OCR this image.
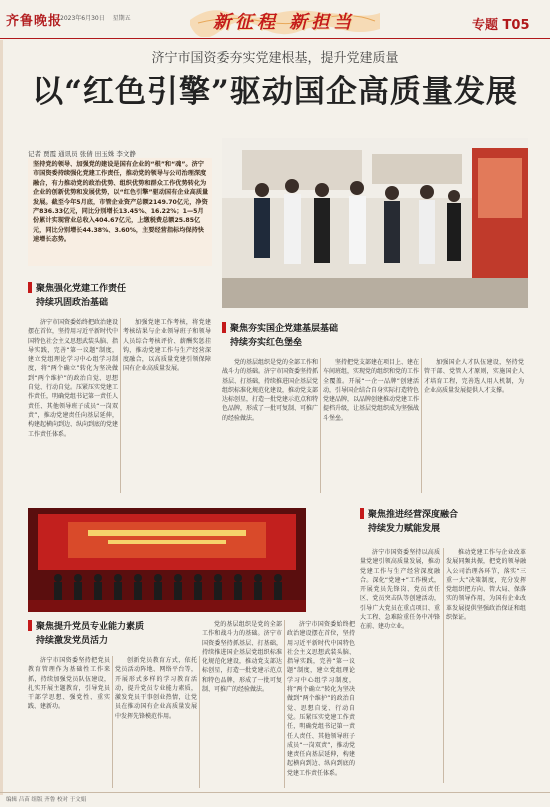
齐鲁晚报
2023年6月30日 星期五	新征程 新担当	专题 T05
济宁市国资委夯实党建根基，提升党建质量
以“红色引擎”驱动国企高质量发展
记者 贾霞 通讯员 张倩 田玉姝 李文静
坚持党的领导、加强党的建设是国有企业的“根”和“魂”。济宁市国资委持续强化党建工作责任，推动党的领导与公司治理深度融合，有力推动党的政治优势、组织优势和群众工作优势转化为企业的创新优势和发展优势，以“红色引擎”驱动国有企业高质量发展。截至今年5月底，市管企业资产总额2149.70亿元，净资产836.33亿元，同比分别增长13.45%、16.22%；1—5月份累计实现营业总收入404.67亿元，上缴税费总额25.85亿元，同比分别增长44.38%、3.60%，主要经营指标均保持快速增长态势。
聚焦强化党建工作责任
持续巩固政治基础

济宁市国资委始终把政治建设摆在首位，坚持用习近平新时代中国特色社会主义思想武装头脑、指导实践，完善“第一议题”制度，建立党组理论学习中心组学习制度，将“两个确立”转化为坚决做到“两个维护”的政治自觉、思想自觉、行动自觉。压紧压实党建工作责任，明确党组书记第一责任人责任、其他领导班子成员“一岗双责”，推动党建责任向基层延伸，构建起横向到边、纵向到底的党建工作责任体系。

加强党建工作考核，将党建考核结果与企业领导班子和领导人员综合考核评价、薪酬奖惩挂钩，推动党建工作与生产经营深度融合，以高质量党建引领保障国有企业高质量发展。

聚焦夯实国企党建基层基础
持续夯实红色堡垒

党的基层组织是党的全部工作和战斗力的基础。济宁市国资委坚持抓基层、打基础，持续推进国企基层党组织标准化规范化建设，推动党支部达标创星，打造一批党建示范点和特色品牌，形成了一批可复制、可推广的经验做法。

坚持把党支部建在项目上、建在车间班组，实现党的组织和党的工作全覆盖。开展“一企一品牌”创建活动，引导国企结合自身实际打造特色党建品牌，以品牌创建推动党建工作提档升级，让基层党组织成为坚强战斗堡垒。

加强国企人才队伍建设，坚持党管干部、党管人才原则，实施国企人才培育工程，完善选人用人机制，为企业高质量发展提供人才支撑。

聚焦推进经营深度融合
持续发力赋能发展

济宁市国资委坚持以高质量党建引领高质量发展，推动党建工作与生产经营深度融合。深化“党建+”工作模式，开展党员先锋岗、党员责任区、党员突击队等创建活动，引导广大党员在重点项目、重大工程、急难险重任务中冲锋在前、建功立业。

推动党建工作与企业改革发展同频共振，把党的领导融入公司治理各环节，落实“三重一大”决策制度，充分发挥党组织把方向、管大局、保落实的领导作用，为国有企业改革发展提供坚强政治保证和组织保证。

聚焦提升党员专业能力素质
持续激发党员活力

济宁市国资委坚持把党员教育管理作为基础性工作来抓，持续加强党员队伍建设，扎实开展主题教育，引导党员干部学思想、强党性、重实践、建新功。

创新党员教育方式，依托党员活动阵地、网络平台等，开展形式多样的学习教育活动，提升党员专业能力素质，激发党员干事创业热情，让党员在推动国有企业高质量发展中发挥先锋模范作用。

党的基层组织是党的全部工作和战斗力的基础。济宁市国资委坚持抓基层、打基础，持续推进国企基层党组织标准化规范化建设，推动党支部达标创星，打造一批党建示范点和特色品牌，形成了一批可复制、可推广的经验做法。

济宁市国资委始终把政治建设摆在首位，坚持用习近平新时代中国特色社会主义思想武装头脑、指导实践，完善“第一议题”制度，建立党组理论学习中心组学习制度，将“两个确立”转化为坚决做到“两个维护”的政治自觉、思想自觉、行动自觉。压紧压实党建工作责任，明确党组书记第一责任人责任、其他领导班子成员“一岗双责”，推动党建责任向基层延伸，构建起横向到边、纵向到底的党建工作责任体系。

编辑 吕苗 组版 齐鲁 校对 于文娟
